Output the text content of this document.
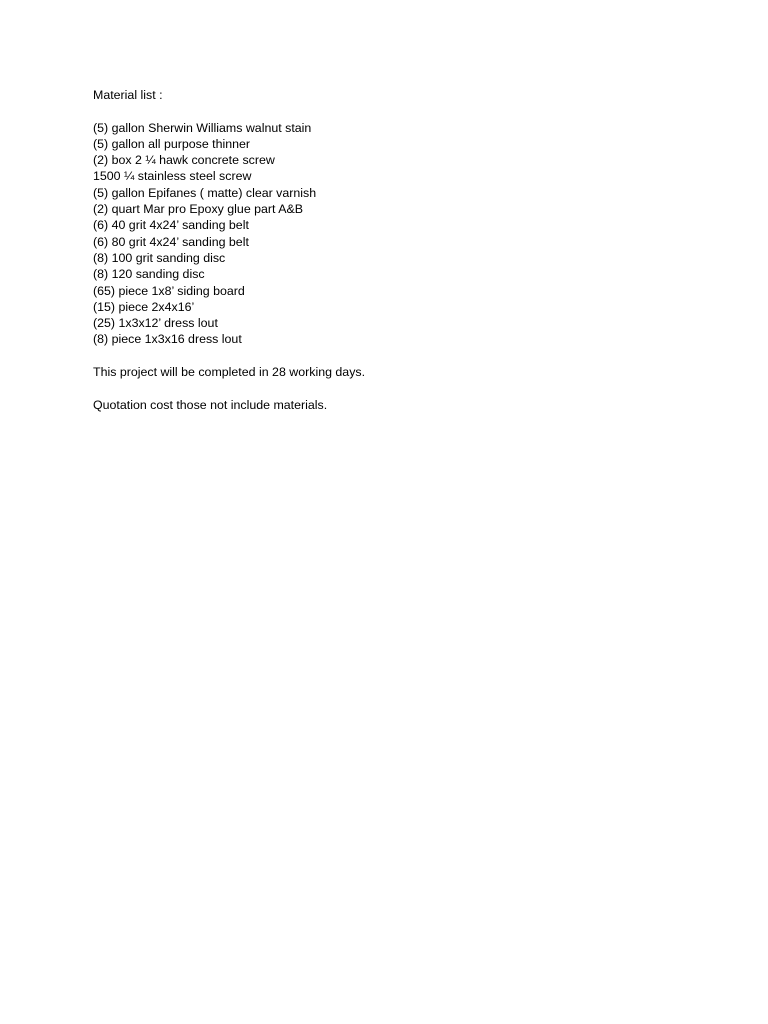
Material list :

(5) gallon Sherwin Williams walnut stain
(5) gallon all purpose thinner
(2) box 2 ¼ hawk concrete screw
1500 ¼ stainless steel screw
(5) gallon Epifanes ( matte) clear varnish
(2) quart Mar pro Epoxy glue part A&B
(6) 40 grit 4x24’ sanding belt
(6) 80 grit 4x24’ sanding belt
(8) 100 grit sanding disc
(8) 120 sanding disc
(65) piece 1x8’ siding board
(15) piece 2x4x16’
(25) 1x3x12’ dress lout
(8) piece 1x3x16 dress lout

This project will be completed in 28 working days.

Quotation cost those not include materials.
